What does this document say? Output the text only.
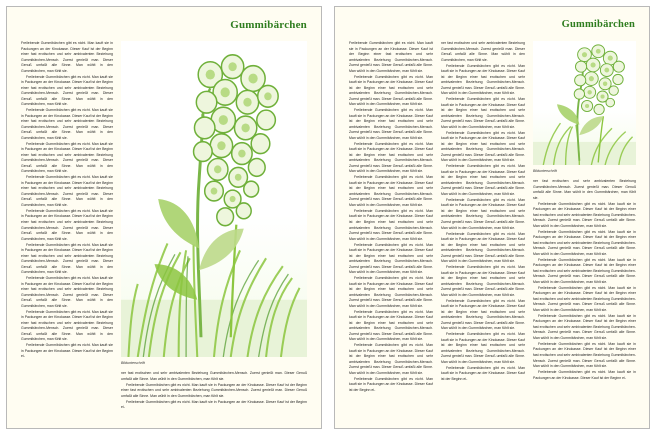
Gummibärchen

Freilebende Gummibärchen gibt es nicht. Man kauft sie in Packungen an der Kinokasse. Dieser Kauf ist der Beginn einer fast erotischen und sehr ambivalenten Beziehung Gummibärchen-Mensch. Zuerst genießt man. Dieser Genuß umfaßt alle Sinne. Man wühlt in den Gummibärchen, man fühlt sie.

Freilebende Gummibärchen gibt es nicht. Man kauft sie in Packungen an der Kinokasse. Dieser Kauf ist der Beginn einer fast erotischen und sehr ambivalenten Beziehung Gummibärchen-Mensch. Zuerst genießt man. Dieser Genuß umfaßt alle Sinne. Man wühlt in den Gummibärchen, man fühlt sie.

Freilebende Gummibärchen gibt es nicht. Man kauft sie in Packungen an der Kinokasse. Dieser Kauf ist der Beginn einer fast erotischen und sehr ambivalenten Beziehung Gummibärchen-Mensch. Zuerst genießt man. Dieser Genuß umfaßt alle Sinne. Man wühlt in den Gummibärchen, man fühlt sie.

Freilebende Gummibärchen gibt es nicht. Man kauft sie in Packungen an der Kinokasse. Dieser Kauf ist der Beginn einer fast erotischen und sehr ambivalenten Beziehung Gummibärchen-Mensch. Zuerst genießt man. Dieser Genuß umfaßt alle Sinne. Man wühlt in den Gummibärchen, man fühlt sie.

Freilebende Gummibärchen gibt es nicht. Man kauft sie in Packungen an der Kinokasse. Dieser Kauf ist der Beginn einer fast erotischen und sehr ambivalenten Beziehung Gummibärchen-Mensch. Zuerst genießt man. Dieser Genuß umfaßt alle Sinne. Man wühlt in den Gummibärchen, man fühlt sie.

Freilebende Gummibärchen gibt es nicht. Man kauft sie in Packungen an der Kinokasse. Dieser Kauf ist der Beginn einer fast erotischen und sehr ambivalenten Beziehung Gummibärchen-Mensch. Zuerst genießt man. Dieser Genuß umfaßt alle Sinne. Man wühlt in den Gummibärchen, man fühlt sie.

Freilebende Gummibärchen gibt es nicht. Man kauft sie in Packungen an der Kinokasse. Dieser Kauf ist der Beginn einer fast erotischen und sehr ambivalenten Beziehung Gummibärchen-Mensch. Zuerst genießt man. Dieser Genuß umfaßt alle Sinne. Man wühlt in den Gummibärchen, man fühlt sie.

Freilebende Gummibärchen gibt es nicht. Man kauft sie in Packungen an der Kinokasse. Dieser Kauf ist der Beginn einer fast erotischen und sehr ambivalenten Beziehung Gummibärchen-Mensch. Zuerst genießt man. Dieser Genuß umfaßt alle Sinne. Man wühlt in den Gummibärchen, man fühlt sie.

Freilebende Gummibärchen gibt es nicht. Man kauft sie in Packungen an der Kinokasse. Dieser Kauf ist der Beginn einer fast erotischen und sehr ambivalenten Beziehung Gummibärchen-Mensch. Zuerst genießt man. Dieser Genuß umfaßt alle Sinne. Man wühlt in den Gummibärchen, man fühlt sie.

Freilebende Gummibärchen gibt es nicht. Man kauft sie in Packungen an der Kinokasse. Dieser Kauf ist der Beginn ei-

Bildunterschrift

ner fast erotischen und sehr ambivalenten Beziehung Gummibärchen-Mensch. Zuerst genießt man. Dieser Genuß umfaßt alle Sinne. Man wühlt in den Gummibärchen, man fühlt sie.

Freilebende Gummibärchen gibt es nicht. Man kauft sie in Packungen an der Kinokasse. Dieser Kauf ist der Beginn einer fast erotischen und sehr ambivalenten Beziehung Gummibärchen-Mensch. Zuerst genießt man. Dieser Genuß umfaßt alle Sinne. Man wühlt in den Gummibärchen, man fühlt sie.

Freilebende Gummibärchen gibt es nicht. Man kauft sie in Packungen an der Kinokasse. Dieser Kauf ist der Beginn ei-

Gummibärchen

Freilebende Gummibärchen gibt es nicht. Man kauft sie in Packungen an der Kinokasse. Dieser Kauf ist der Beginn einer fast erotischen und sehr ambivalenten Beziehung Gummibärchen-Mensch. Zuerst genießt man. Dieser Genuß umfaßt alle Sinne. Man wühlt in den Gummibärchen, man fühlt sie.

Freilebende Gummibärchen gibt es nicht. Man kauft sie in Packungen an der Kinokasse. Dieser Kauf ist der Beginn einer fast erotischen und sehr ambivalenten Beziehung Gummibärchen-Mensch. Zuerst genießt man. Dieser Genuß umfaßt alle Sinne. Man wühlt in den Gummibärchen, man fühlt sie.

Freilebende Gummibärchen gibt es nicht. Man kauft sie in Packungen an der Kinokasse. Dieser Kauf ist der Beginn einer fast erotischen und sehr ambivalenten Beziehung Gummibärchen-Mensch. Zuerst genießt man. Dieser Genuß umfaßt alle Sinne. Man wühlt in den Gummibärchen, man fühlt sie.

Freilebende Gummibärchen gibt es nicht. Man kauft sie in Packungen an der Kinokasse. Dieser Kauf ist der Beginn einer fast erotischen und sehr ambivalenten Beziehung Gummibärchen-Mensch. Zuerst genießt man. Dieser Genuß umfaßt alle Sinne. Man wühlt in den Gummibärchen, man fühlt sie.

Freilebende Gummibärchen gibt es nicht. Man kauft sie in Packungen an der Kinokasse. Dieser Kauf ist der Beginn einer fast erotischen und sehr ambivalenten Beziehung Gummibärchen-Mensch. Zuerst genießt man. Dieser Genuß umfaßt alle Sinne. Man wühlt in den Gummibärchen, man fühlt sie.

Freilebende Gummibärchen gibt es nicht. Man kauft sie in Packungen an der Kinokasse. Dieser Kauf ist der Beginn einer fast erotischen und sehr ambivalenten Beziehung Gummibärchen-Mensch. Zuerst genießt man. Dieser Genuß umfaßt alle Sinne. Man wühlt in den Gummibärchen, man fühlt sie.

Freilebende Gummibärchen gibt es nicht. Man kauft sie in Packungen an der Kinokasse. Dieser Kauf ist der Beginn einer fast erotischen und sehr ambivalenten Beziehung Gummibärchen-Mensch. Zuerst genießt man. Dieser Genuß umfaßt alle Sinne. Man wühlt in den Gummibärchen, man fühlt sie.

Freilebende Gummibärchen gibt es nicht. Man kauft sie in Packungen an der Kinokasse. Dieser Kauf ist der Beginn einer fast erotischen und sehr ambivalenten Beziehung Gummibärchen-Mensch. Zuerst genießt man. Dieser Genuß umfaßt alle Sinne. Man wühlt in den Gummibärchen, man fühlt sie.

Freilebende Gummibärchen gibt es nicht. Man kauft sie in Packungen an der Kinokasse. Dieser Kauf ist der Beginn einer fast erotischen und sehr ambivalenten Beziehung Gummibärchen-Mensch. Zuerst genießt man. Dieser Genuß umfaßt alle Sinne. Man wühlt in den Gummibärchen, man fühlt sie.

Freilebende Gummibärchen gibt es nicht. Man kauft sie in Packungen an der Kinokasse. Dieser Kauf ist der Beginn einer fast erotischen und sehr ambivalenten Beziehung Gummibärchen-Mensch. Zuerst genießt man. Dieser Genuß umfaßt alle Sinne. Man wühlt in den Gummibärchen, man fühlt sie.

Freilebende Gummibärchen gibt es nicht. Man kauft sie in Packungen an der Kinokasse. Dieser Kauf ist der Beginn ei-

ner fast erotischen und sehr ambivalenten Beziehung Gummibärchen-Mensch. Zuerst genießt man. Dieser Genuß umfaßt alle Sinne. Man wühlt in den Gummibärchen, man fühlt sie.

Freilebende Gummibärchen gibt es nicht. Man kauft sie in Packungen an der Kinokasse. Dieser Kauf ist der Beginn einer fast erotischen und sehr ambivalenten Beziehung Gummibärchen-Mensch. Zuerst genießt man. Dieser Genuß umfaßt alle Sinne. Man wühlt in den Gummibärchen, man fühlt sie.

Freilebende Gummibärchen gibt es nicht. Man kauft sie in Packungen an der Kinokasse. Dieser Kauf ist der Beginn einer fast erotischen und sehr ambivalenten Beziehung Gummibärchen-Mensch. Zuerst genießt man. Dieser Genuß umfaßt alle Sinne. Man wühlt in den Gummibärchen, man fühlt sie.

Freilebende Gummibärchen gibt es nicht. Man kauft sie in Packungen an der Kinokasse. Dieser Kauf ist der Beginn einer fast erotischen und sehr ambivalenten Beziehung Gummibärchen-Mensch. Zuerst genießt man. Dieser Genuß umfaßt alle Sinne. Man wühlt in den Gummibärchen, man fühlt sie.

Freilebende Gummibärchen gibt es nicht. Man kauft sie in Packungen an der Kinokasse. Dieser Kauf ist der Beginn einer fast erotischen und sehr ambivalenten Beziehung Gummibärchen-Mensch. Zuerst genießt man. Dieser Genuß umfaßt alle Sinne. Man wühlt in den Gummibärchen, man fühlt sie.

Freilebende Gummibärchen gibt es nicht. Man kauft sie in Packungen an der Kinokasse. Dieser Kauf ist der Beginn einer fast erotischen und sehr ambivalenten Beziehung Gummibärchen-Mensch. Zuerst genießt man. Dieser Genuß umfaßt alle Sinne. Man wühlt in den Gummibärchen, man fühlt sie.

Freilebende Gummibärchen gibt es nicht. Man kauft sie in Packungen an der Kinokasse. Dieser Kauf ist der Beginn einer fast erotischen und sehr ambivalenten Beziehung Gummibärchen-Mensch. Zuerst genießt man. Dieser Genuß umfaßt alle Sinne. Man wühlt in den Gummibärchen, man fühlt sie.

Freilebende Gummibärchen gibt es nicht. Man kauft sie in Packungen an der Kinokasse. Dieser Kauf ist der Beginn einer fast erotischen und sehr ambivalenten Beziehung Gummibärchen-Mensch. Zuerst genießt man. Dieser Genuß umfaßt alle Sinne. Man wühlt in den Gummibärchen, man fühlt sie.

Freilebende Gummibärchen gibt es nicht. Man kauft sie in Packungen an der Kinokasse. Dieser Kauf ist der Beginn einer fast erotischen und sehr ambivalenten Beziehung Gummibärchen-Mensch. Zuerst genießt man. Dieser Genuß umfaßt alle Sinne. Man wühlt in den Gummibärchen, man fühlt sie.

Freilebende Gummibärchen gibt es nicht. Man kauft sie in Packungen an der Kinokasse. Dieser Kauf ist der Beginn einer fast erotischen und sehr ambivalenten Beziehung Gummibärchen-Mensch. Zuerst genießt man. Dieser Genuß umfaßt alle Sinne. Man wühlt in den Gummibärchen, man fühlt sie.

Freilebende Gummibärchen gibt es nicht. Man kauft sie in Packungen an der Kinokasse. Dieser Kauf ist der Beginn ei-

Bildunterschrift

ner fast erotischen und sehr ambivalenten Beziehung Gummibärchen-Mensch. Zuerst genießt man. Dieser Genuß umfaßt alle Sinne. Man wühlt in den Gummibärchen, man fühlt sie.

Freilebende Gummibärchen gibt es nicht. Man kauft sie in Packungen an der Kinokasse. Dieser Kauf ist der Beginn einer fast erotischen und sehr ambivalenten Beziehung Gummibärchen-Mensch. Zuerst genießt man. Dieser Genuß umfaßt alle Sinne. Man wühlt in den Gummibärchen, man fühlt sie.

Freilebende Gummibärchen gibt es nicht. Man kauft sie in Packungen an der Kinokasse. Dieser Kauf ist der Beginn einer fast erotischen und sehr ambivalenten Beziehung Gummibärchen-Mensch. Zuerst genießt man. Dieser Genuß umfaßt alle Sinne. Man wühlt in den Gummibärchen, man fühlt sie.

Freilebende Gummibärchen gibt es nicht. Man kauft sie in Packungen an der Kinokasse. Dieser Kauf ist der Beginn einer fast erotischen und sehr ambivalenten Beziehung Gummibärchen-Mensch. Zuerst genießt man. Dieser Genuß umfaßt alle Sinne. Man wühlt in den Gummibärchen, man fühlt sie.

Freilebende Gummibärchen gibt es nicht. Man kauft sie in Packungen an der Kinokasse. Dieser Kauf ist der Beginn einer fast erotischen und sehr ambivalenten Beziehung Gummibärchen-Mensch. Zuerst genießt man. Dieser Genuß umfaßt alle Sinne. Man wühlt in den Gummibärchen, man fühlt sie.

Freilebende Gummibärchen gibt es nicht. Man kauft sie in Packungen an der Kinokasse. Dieser Kauf ist der Beginn einer fast erotischen und sehr ambivalenten Beziehung Gummibärchen-Mensch. Zuerst genießt man. Dieser Genuß umfaßt alle Sinne. Man wühlt in den Gummibärchen, man fühlt sie.

Freilebende Gummibärchen gibt es nicht. Man kauft sie in Packungen an der Kinokasse. Dieser Kauf ist der Beginn einer fast erotischen und sehr ambivalenten Beziehung Gummibärchen-Mensch. Zuerst genießt man. Dieser Genuß umfaßt alle Sinne. Man wühlt in den Gummibärchen, man fühlt sie.

Freilebende Gummibärchen gibt es nicht. Man kauft sie in Packungen an der Kinokasse. Dieser Kauf ist der Beginn ei-
